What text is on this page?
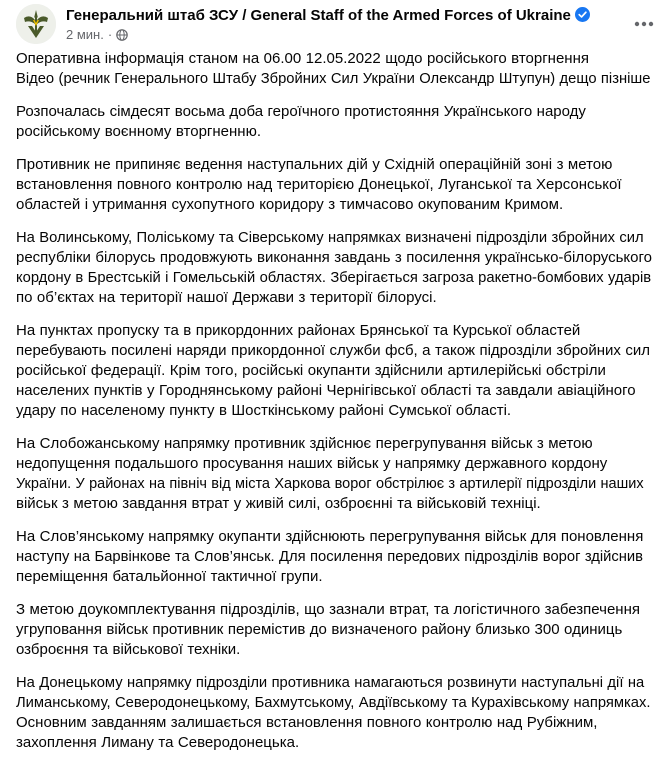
Генеральний штаб ЗСУ / General Staff of the Armed Forces of Ukraine
2 мин. ·
Оперативна інформація станом на 06.00 12.05.2022 щодо російського вторгнення
Відео (речник Генерального Штабу Збройних Сил України Олександр Штупун) дещо пізніше
Розпочалась сімдесят восьма доба героїчного протистояння Українського народу
російському воєнному вторгненню.
Противник не припиняє ведення наступальних дій у Східній операційній зоні з метою
встановлення повного контролю над територією Донецької, Луганської та Херсонської
областей і утримання сухопутного коридору з тимчасово окупованим Кримом.
На Волинському, Поліському та Сіверському напрямках визначені підрозділи збройних сил
республіки білорусь продовжують виконання завдань з посилення українсько-білоруського
кордону в Брестській і Гомельській областях. Зберігається загроза ракетно-бомбових ударів
по об’єктах на території нашої Держави з території білорусі.
На пунктах пропуску та в прикордонних районах Брянської та Курської областей
перебувають посилені наряди прикордонної служби фсб, а також підрозділи збройних сил
російської федерації. Крім того, російські окупанти здійснили артилерійські обстріли
населених пунктів у Городнянському районі Чернігівської області та завдали авіаційного
удару по населеному пункту в Шосткінському районі Сумської області.
На Слобожанському напрямку противник здійснює перегрупування військ з метою
недопущення подальшого просування наших військ у напрямку державного кордону
України. У районах на північ від міста Харкова ворог обстрілює з артилерії підрозділи наших
військ з метою завдання втрат у живій силі, озброєнні та військовій техніці.
На Слов’янському напрямку окупанти здійснюють перегрупування військ для поновлення
наступу на Барвінкове та Слов’янськ. Для посилення передових підрозділів ворог здійснив
переміщення батальйонної тактичної групи.
З метою доукомплектування підрозділів, що зазнали втрат, та логістичного забезпечення
угруповання військ противник перемістив до визначеного району близько 300 одиниць
озброєння та військової техніки.
На Донецькому напрямку підрозділи противника намагаються розвинути наступальні дії на
Лиманському, Северодонецькому, Бахмутському, Авдіївському та Курахівському напрямках.
Основним завданням залишається встановлення повного контролю над Рубіжним,
захоплення Лиману та Северодонецька.
